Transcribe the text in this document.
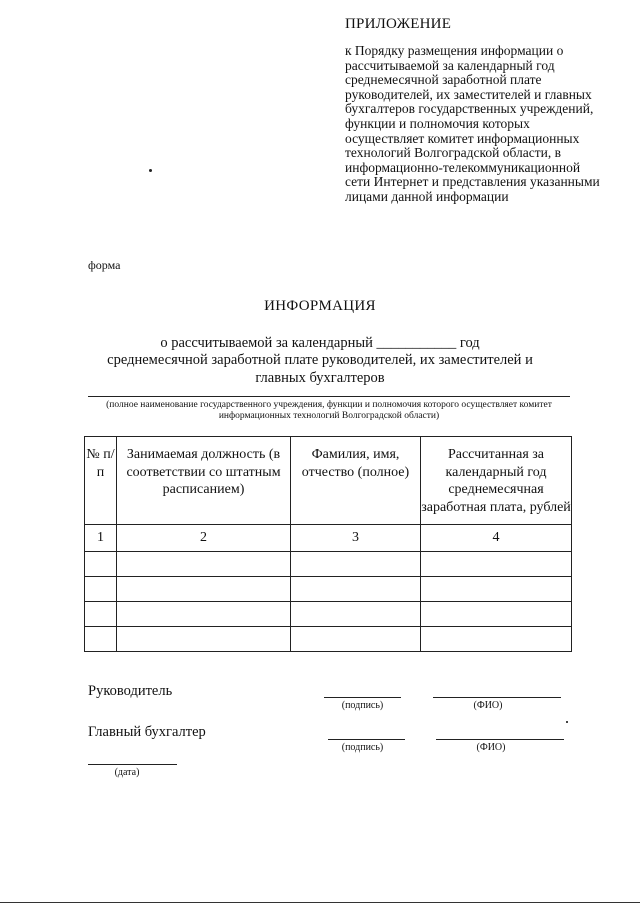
ПРИЛОЖЕНИЕ
к Порядку размещения информации о рассчитываемой за календарный год среднемесячной заработной плате руководителей, их заместителей и главных бухгалтеров государственных учреждений, функции и полномочия которых осуществляет комитет информационных технологий Волгоградской области, в информационно-телекоммуникационной сети Интернет и представления указанными лицами данной информации
форма
ИНФОРМАЦИЯ
о рассчитываемой за календарный ___________ год
среднемесячной заработной плате руководителей, их заместителей и
главных бухгалтеров
(полное наименование государственного учреждения, функции и полномочия которого осуществляет комитет информационных технологий Волгоградской области)
№ п/п	Занимаемая должность (в соответствии со штатным расписанием)	Фамилия, имя, отчество (полное)	Рассчитанная за календарный год среднемесячная заработная плата, рублей
1	2	3	4

Руководитель
(подпись)	(ФИО)
Главный бухгалтер
(подпись)	(ФИО)
(дата)
